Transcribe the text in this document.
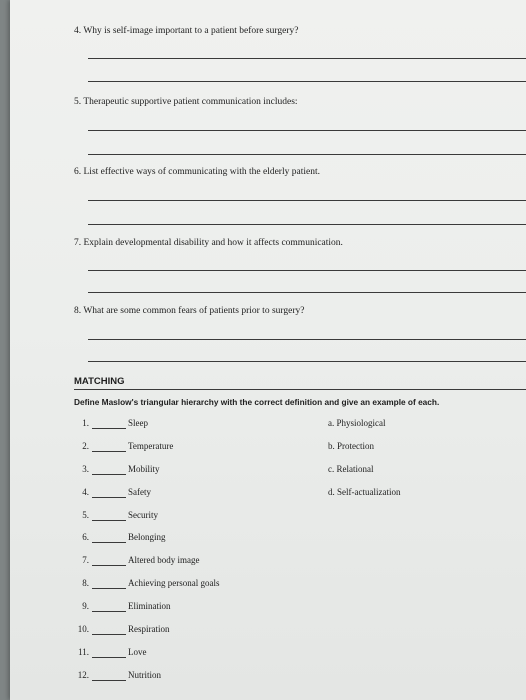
4. Why is self-image important to a patient before surgery?

5. Therapeutic supportive patient communication includes:

6. List effective ways of communicating with the elderly patient.

7. Explain developmental disability and how it affects communication.

8. What are some common fears of patients prior to surgery?

MATCHING

Define Maslow's triangular hierarchy with the correct definition and give an example of each.

1.	Sleep
2.	Temperature
3.	Mobility
4.	Safety
5.	Security
6.	Belonging
7.	Altered body image
8.	Achieving personal goals
9.	Elimination
10.	Respiration
11.	Love
12.	Nutrition
a. Physiological
b. Protection
c. Relational
d. Self-actualization
